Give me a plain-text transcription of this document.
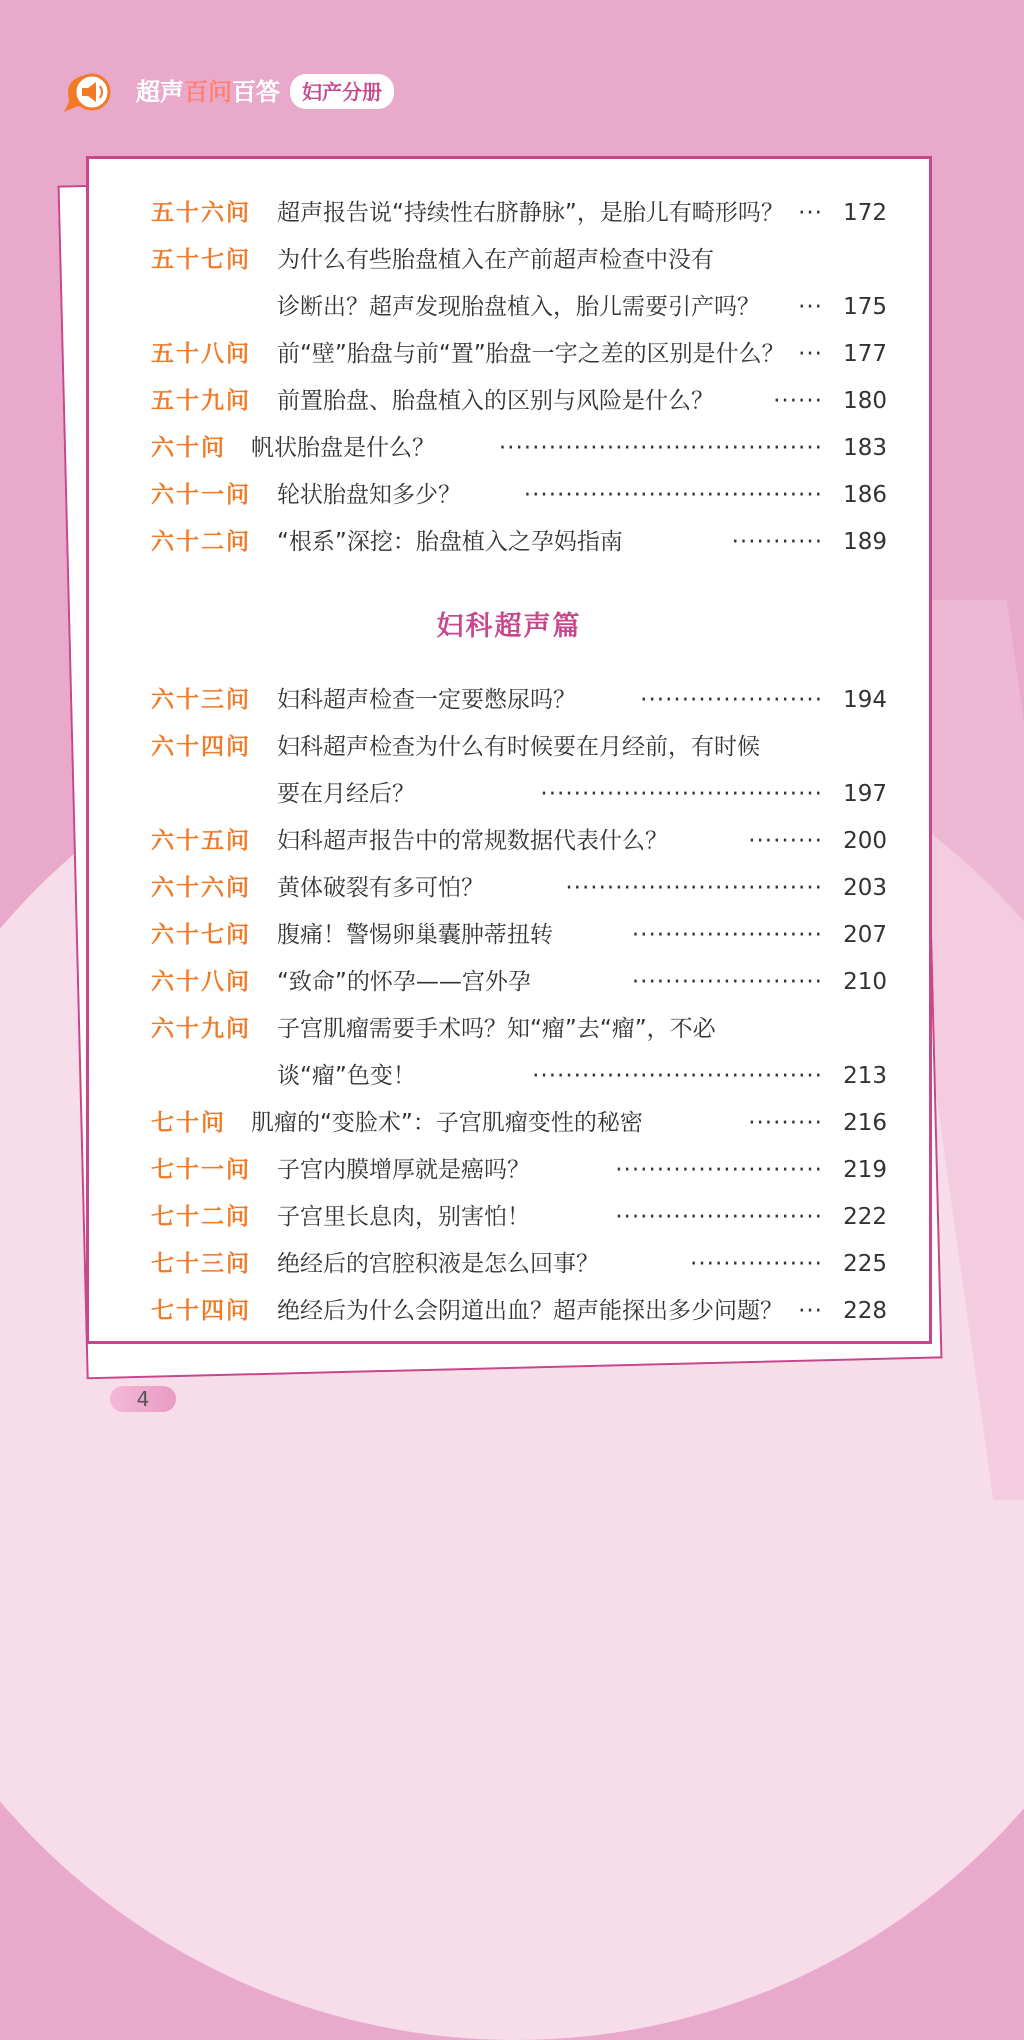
超声百问百答	妇产分册
五十六问 超声报告说“持续性右脐静脉”，是胎儿有畸形吗？ ··· 172
五十七问 为什么有些胎盘植入在产前超声检查中没有
诊断出？超声发现胎盘植入，胎儿需要引产吗？ ··· 175
五十八问 前“壁”胎盘与前“置”胎盘一字之差的区别是什么？ ··· 177
五十九问 前置胎盘、胎盘植入的区别与风险是什么？	······ 180
六十问 帆状胎盘是什么？	······································· 183
六十一问 轮状胎盘知多少？	···································· 186
六十二问 “根系”深挖：胎盘植入之孕妈指南	··········· 189
六十三问 妇科超声检查一定要憋尿吗？	······················ 194
六十四问 妇科超声检查为什么有时候要在月经前，有时候
要在月经后？	·································· 197
六十五问 妇科超声报告中的常规数据代表什么？	········· 200
六十六问 黄体破裂有多可怕？	······························· 203
六十七问 腹痛！警惕卵巢囊肿蒂扭转	······················· 207
六十八问 “致命”的怀孕——宫外孕	······················· 210
六十九问 子宫肌瘤需要手术吗？知“瘤”去“瘤”，不必
谈“瘤”色变！	··································· 213
七十问 肌瘤的“变脸术”：子宫肌瘤变性的秘密	········· 216
七十一问 子宫内膜增厚就是癌吗？	························· 219
七十二问 子宫里长息肉，别害怕！	························· 222
七十三问 绝经后的宫腔积液是怎么回事？	················ 225
七十四问 绝经后为什么会阴道出血？超声能探出多少问题？ ··· 228
妇科超声篇
4
